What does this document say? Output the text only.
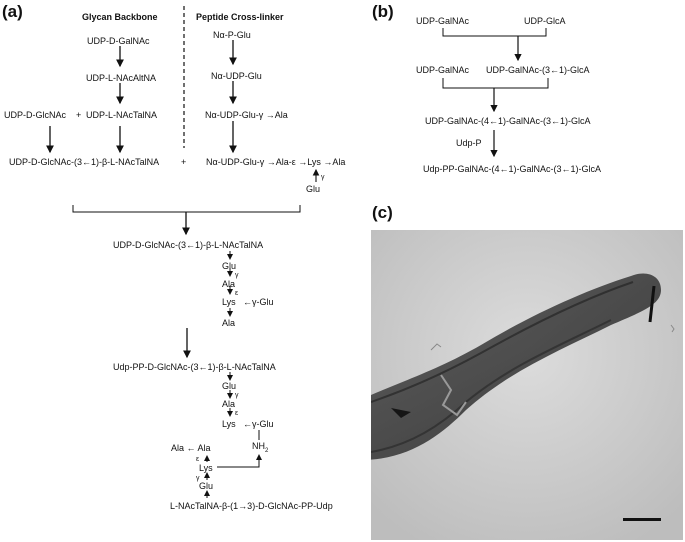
(a)	(b)
(c)
Glycan Backbone	Peptide Cross-linker
UDP-D-GalNAc
UDP-L-NAcAltNA
UDP-L-NAcTalNA
UDP-D-GlcNAc +
Nα-P-Glu
Nα-UDP-Glu
Nα-UDP-Glu-γ →Ala
UDP-D-GlcNAc-(3←1)-β-L-NAcTalNA + Nα-UDP-Glu-γ →Ala-ε →Lys →Ala
γ
Glu
UDP-D-GlcNAc-(3←1)-β-L-NAcTalNA
Glu
γ
Ala
ε
Lys ←γ-Glu
Ala
Udp-PP-D-GlcNAc-(3←1)-β-L-NAcTalNA
Glu
γ
Ala
ε
Lys ←γ-Glu
$NH_2$
Ala ← Ala
ε
Lys
γ
Glu
L-NAcTalNA-β-(1→3)-D-GlcNAc-PP-Udp
UDP-GalNAc	UDP-GlcA
UDP-GalNAc UDP-GalNAc-(3←1)-GlcA
UDP-GalNAc-(4←1)-GalNAc-(3←1)-GlcA
Udp-P
Udp-PP-GalNAc-(4←1)-GalNAc-(3←1)-GlcA
